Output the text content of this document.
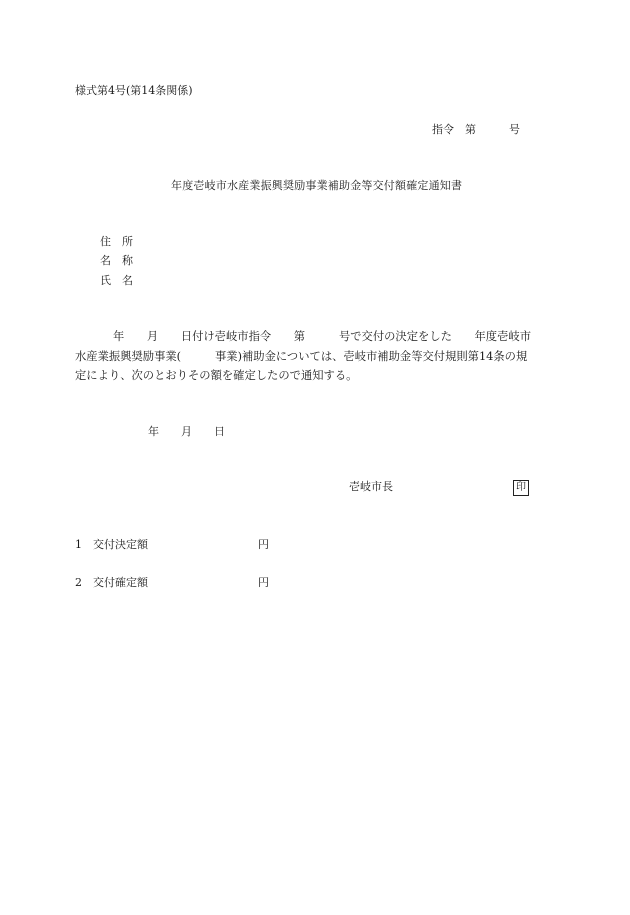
様式第4号(第14条関係)
指令　第　　　号
年度壱岐市水産業振興奨励事業補助金等交付額確定通知書
住　所
名　称
氏　名
年　　月　　日付け壱岐市指令　　第　　　号で交付の決定をした　　年度壱岐市
水産業振興奨励事業(　　　事業)補助金については、壱岐市補助金等交付規則第14条の規
定により、次のとおりその額を確定したので通知する。
年　　月　　日
壱岐市長	印
1　交付決定額　　　　　　　　　　円
2　交付確定額　　　　　　　　　　円
